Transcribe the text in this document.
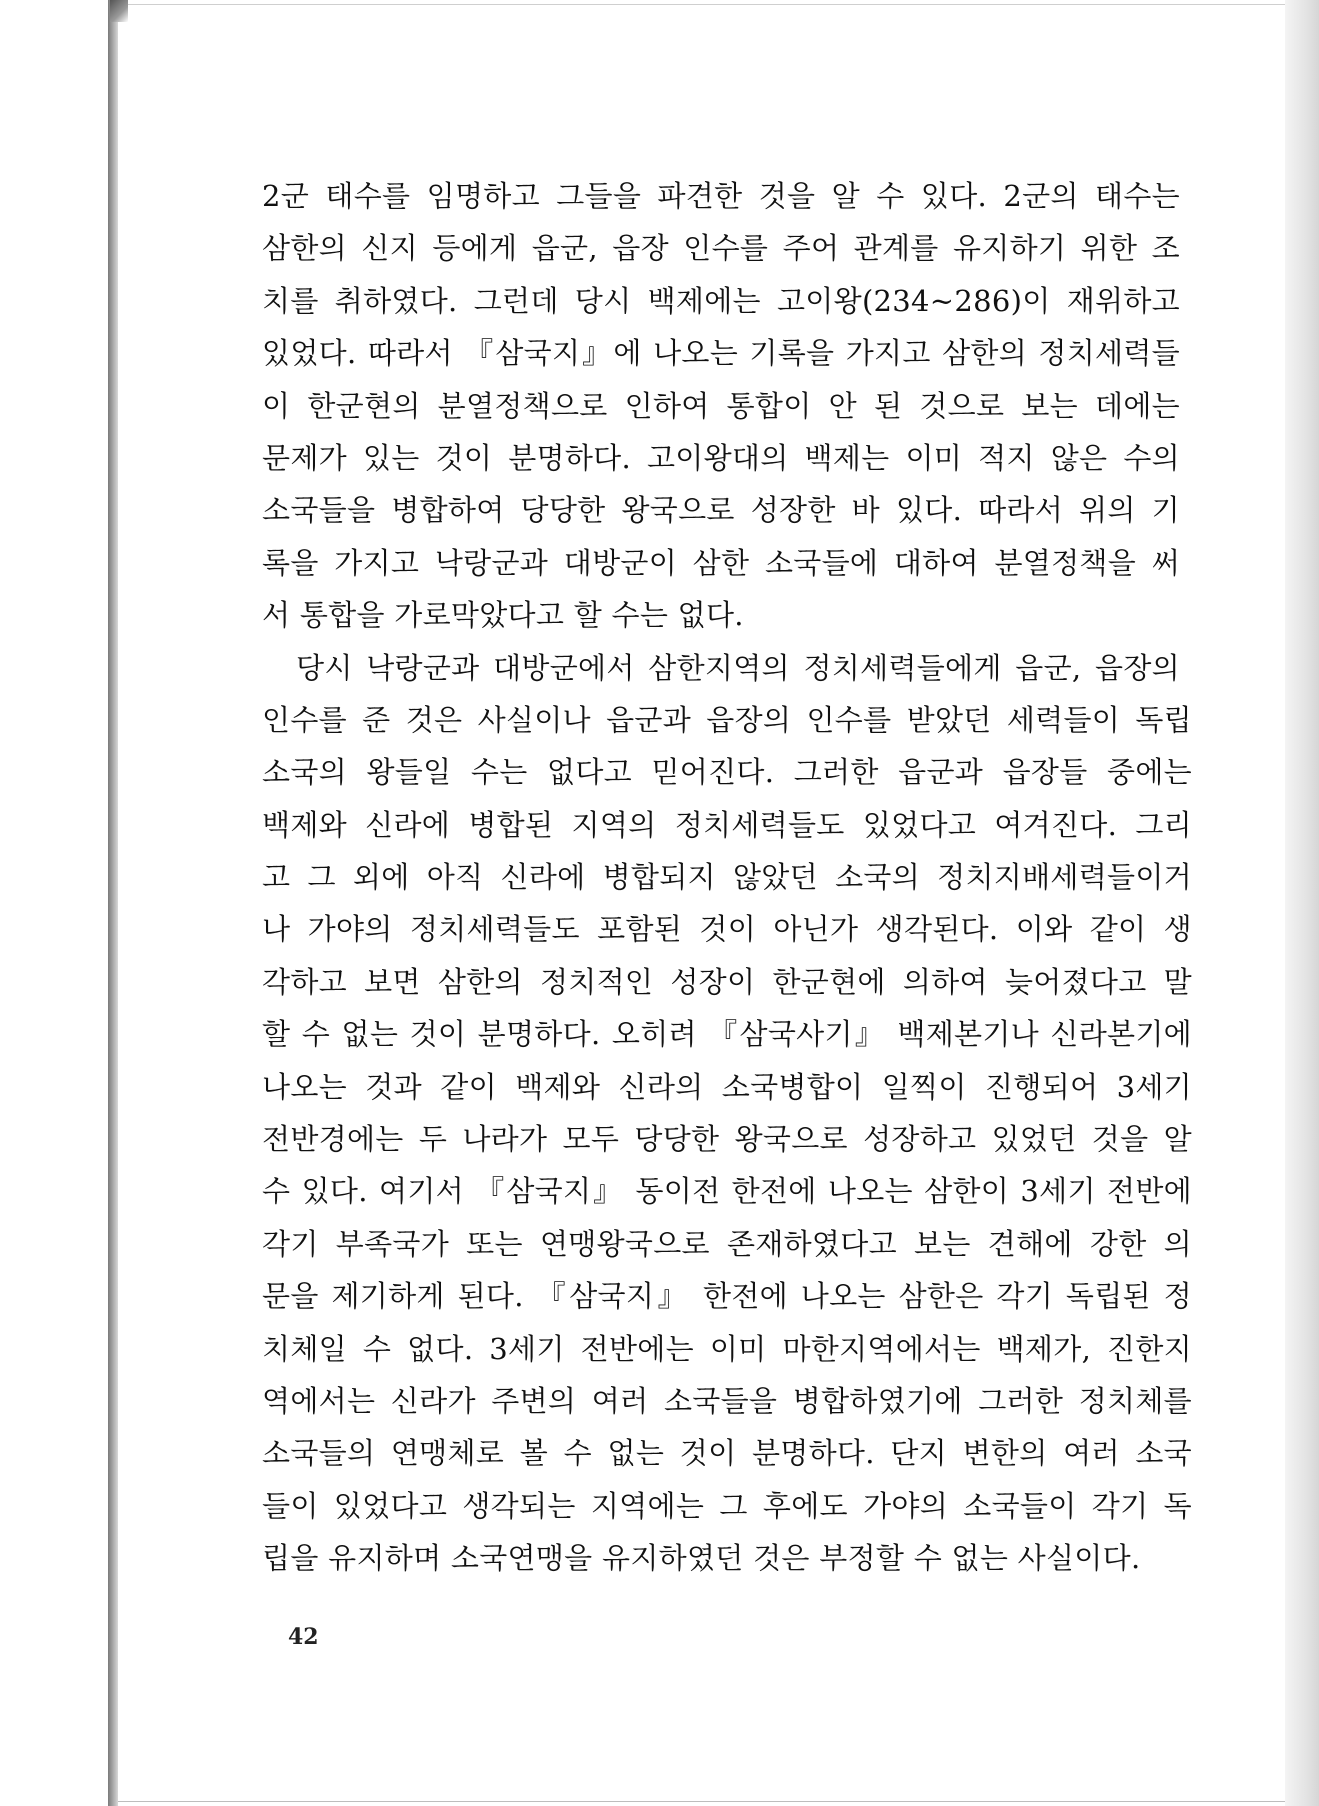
2군 태수를 임명하고 그들을 파견한 것을 알 수 있다. 2군의 태수는
삼한의 신지 등에게 읍군, 읍장 인수를 주어 관계를 유지하기 위한 조
치를 취하였다. 그런데 당시 백제에는 고이왕(234~286)이 재위하고
있었다. 따라서 『삼국지』에 나오는 기록을 가지고 삼한의 정치세력들
이 한군현의 분열정책으로 인하여 통합이 안 된 것으로 보는 데에는
문제가 있는 것이 분명하다. 고이왕대의 백제는 이미 적지 않은 수의
소국들을 병합하여 당당한 왕국으로 성장한 바 있다. 따라서 위의 기
록을 가지고 낙랑군과 대방군이 삼한 소국들에 대하여 분열정책을 써
서 통합을 가로막았다고 할 수는 없다.
당시 낙랑군과 대방군에서 삼한지역의 정치세력들에게 읍군, 읍장의
인수를 준 것은 사실이나 읍군과 읍장의 인수를 받았던 세력들이 독립
소국의 왕들일 수는 없다고 믿어진다. 그러한 읍군과 읍장들 중에는
백제와 신라에 병합된 지역의 정치세력들도 있었다고 여겨진다. 그리
고 그 외에 아직 신라에 병합되지 않았던 소국의 정치지배세력들이거
나 가야의 정치세력들도 포함된 것이 아닌가 생각된다. 이와 같이 생
각하고 보면 삼한의 정치적인 성장이 한군현에 의하여 늦어졌다고 말
할 수 없는 것이 분명하다. 오히려 『삼국사기』 백제본기나 신라본기에
나오는 것과 같이 백제와 신라의 소국병합이 일찍이 진행되어 3세기
전반경에는 두 나라가 모두 당당한 왕국으로 성장하고 있었던 것을 알
수 있다. 여기서 『삼국지』 동이전 한전에 나오는 삼한이 3세기 전반에
각기 부족국가 또는 연맹왕국으로 존재하였다고 보는 견해에 강한 의
문을 제기하게 된다. 『삼국지』 한전에 나오는 삼한은 각기 독립된 정
치체일 수 없다. 3세기 전반에는 이미 마한지역에서는 백제가, 진한지
역에서는 신라가 주변의 여러 소국들을 병합하였기에 그러한 정치체를
소국들의 연맹체로 볼 수 없는 것이 분명하다. 단지 변한의 여러 소국
들이 있었다고 생각되는 지역에는 그 후에도 가야의 소국들이 각기 독
립을 유지하며 소국연맹을 유지하였던 것은 부정할 수 없는 사실이다.
42
